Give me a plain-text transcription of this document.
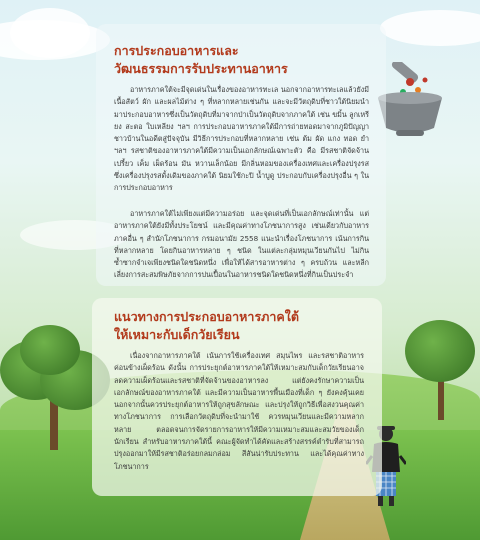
การประกอบอาหารและ
วัฒนธรรมการรับประทานอาหาร

อาหารภาคใต้จะมีจุดเด่นในเรื่องของอาหารทะเล นอกจากอาหารทะเลแล้วยังมีเนื้อสัตว์ ผัก และผลไม้ต่าง ๆ ที่หลากหลายเช่นกัน และจะมีวัตถุดิบที่ชาวใต้นิยมนำมาประกอบอาหารซึ่งเป็นวัตถุดิบที่มาจากป่าเป็นวัตถุดิบจากภาคใต้ เช่น ขมิ้น ลูกเหรียง สะตอ ใบเหลียง ฯลฯ การประกอบอาหารภาคใต้มีการถ่ายทอดมาจากภูมิปัญญาชาวบ้านในอดีตสู่ปัจจุบัน มีวิธีการประกอบที่หลากหลาย เช่น ต้ม ผัด แกง ทอด ยำ ฯลฯ รสชาติของอาหารภาคใต้มีความเป็นเอกลักษณ์เฉพาะตัว คือ มีรสชาติจัดจ้าน เปรี้ยว เค็ม เผ็ดร้อน มัน หวานเล็กน้อย มีกลิ่นหอมของเครื่องเทศและเครื่องปรุงรสซึ่งเครื่องปรุงรสดั้งเดิมของภาคใต้ นิยมใช้กะปิ น้ำบูดู ประกอบกับเครื่องปรุงอื่น ๆ ในการประกอบอาหาร

อาหารภาคใต้ไม่เพียงแต่มีความอร่อย และจุดเด่นที่เป็นเอกลักษณ์เท่านั้น แต่อาหารภาคใต้ยังมีทั้งประโยชน์ และมีคุณค่าทางโภชนาการสูง เช่นเดียวกับอาหารภาคอื่น ๆ สำนักโภชนาการ กรมอนามัย 2558 แนะนำเรื่องโภชนาการ เน้นการกินที่หลากหลาย โดยกินอาหารหลาย ๆ ชนิด ในแต่ละกลุ่มหมุนเวียนกันไป ไม่กินซ้ำซากจำเจเพียงชนิดใดชนิดหนึ่ง เพื่อให้ได้สารอาหารต่าง ๆ ครบถ้วน และหลีกเลี่ยงการสะสมพิษภัยจากการปนเปื้อนในอาหารชนิดใดชนิดหนึ่งที่กินเป็นประจำ

แนวทางการประกอบอาหารภาคใต้
ให้เหมาะกับเด็กวัยเรียน

เนื่องจากอาหารภาคใต้ เน้นการใช้เครื่องเทศ สมุนไพร และรสชาติอาหารค่อนข้างเผ็ดร้อน ดังนั้น การประยุกต์อาหารภาคใต้ให้เหมาะสมกับเด็กวัยเรียนอาจลดความเผ็ดร้อนและรสชาติที่จัดจ้านของอาหารลง แต่ยังคงรักษาความเป็นเอกลักษณ์ของอาหารภาคใต้ และมีความเป็นอาหารพื้นเมืองที่เด็ก ๆ ยังคงคุ้นเคย นอกจากนั้นควรประยุกต์อาหารให้ถูกสุขลักษณะ และปรุงให้ถูกวิธีเพื่อสงวนคุณค่าทางโภชนาการ การเลือกวัตถุดิบที่จะนำมาใช้ ควรหมุนเวียนและมีความหลากหลาย ตลอดจนการจัดรายการอาหารให้มีความเหมาะสมและสมวัยของเด็กนักเรียน สำหรับอาหารภาคใต้นี้ คณะผู้จัดทำได้คัดและสร้างสรรค์ตำรับที่สามารถปรุงออกมาให้มีรสชาติอร่อยกลมกล่อม สีสันน่ารับประทาน และได้คุณค่าทางโภชนาการ
